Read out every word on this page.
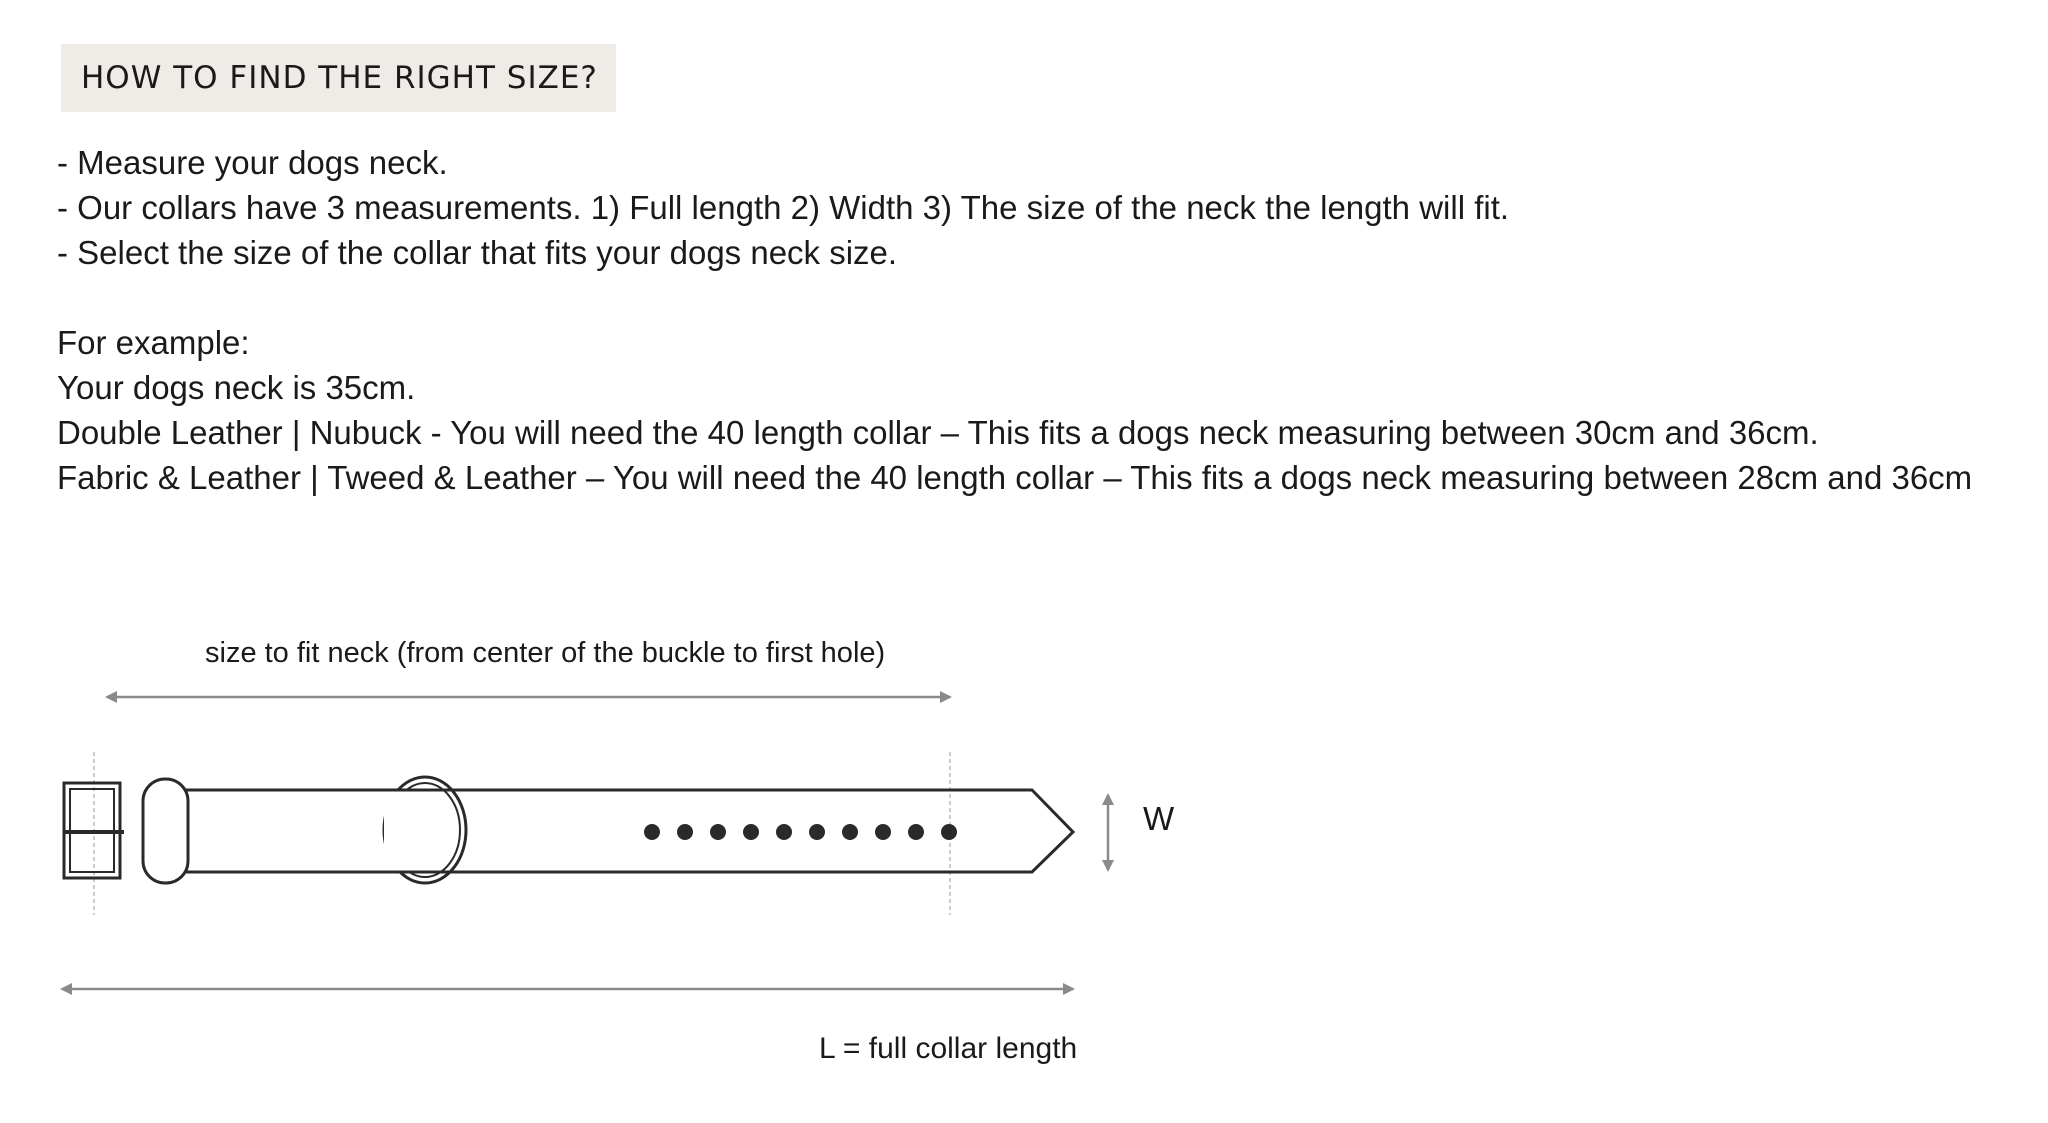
HOW TO FIND THE RIGHT SIZE?
- Measure your dogs neck.
- Our collars have 3 measurements. 1) Full length 2) Width 3) The size of the neck the length will fit.
- Select the size of the collar that fits your dogs neck size.
For example:
Your dogs neck is 35cm.
Double Leather | Nubuck - You will need the 40 length collar – This fits a dogs neck measuring between 30cm and 36cm.
Fabric & Leather | Tweed & Leather – You will need the 40 length collar – This fits a dogs neck measuring between 28cm and 36cm
size to fit neck (from center of the buckle to first hole)
W
L = full collar length
